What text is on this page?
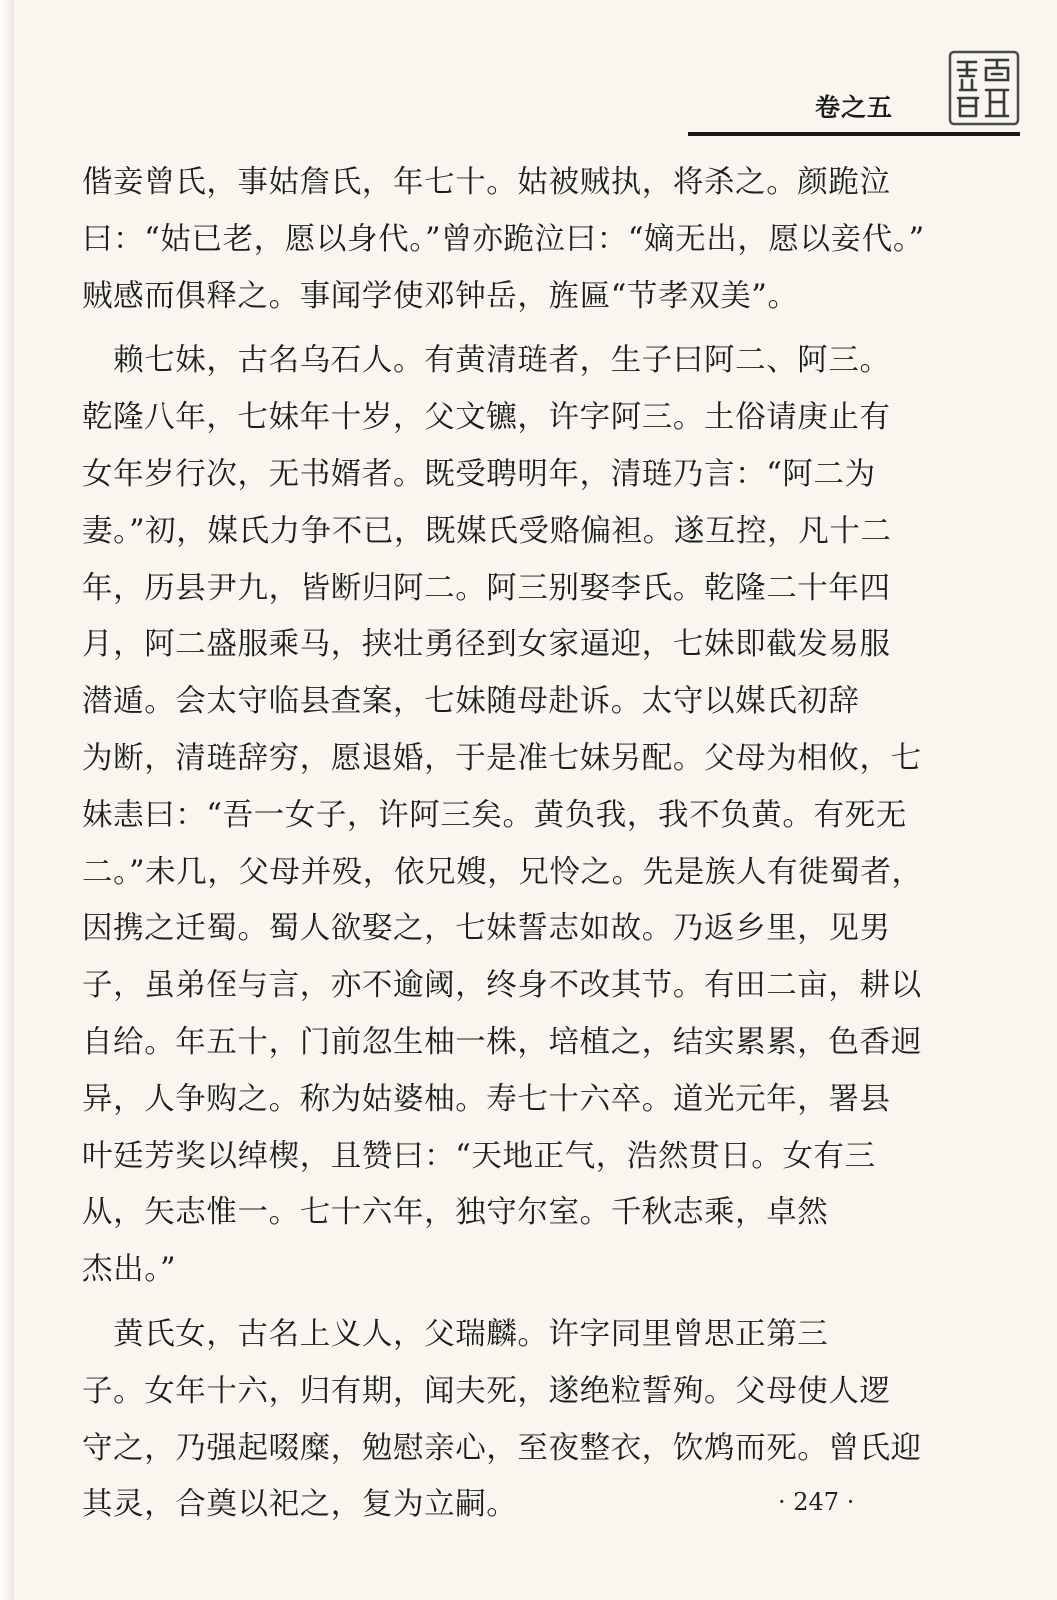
卷之五
偕妾曾氏，事姑詹氏，年七十。姑被贼执，将杀之。颜跪泣
曰：“姑已老，愿以身代。”曾亦跪泣曰：“嫡无出，愿以妾代。”
贼感而俱释之。事闻学使邓钟岳，旌匾“节孝双美”。
　赖七妹，古名乌石人。有黄清琏者，生子曰阿二、阿三。
乾隆八年，七妹年十岁，父文镳，许字阿三。土俗请庚止有
女年岁行次，无书婿者。既受聘明年，清琏乃言：“阿二为
妻。”初，媒氏力争不已，既媒氏受赂偏袒。遂互控，凡十二
年，历县尹九，皆断归阿二。阿三别娶李氏。乾隆二十年四
月，阿二盛服乘马，挟壮勇径到女家逼迎，七妹即截发易服
潜遁。会太守临县查案，七妹随母赴诉。太守以媒氏初辞
为断，清琏辞穷，愿退婚，于是准七妹另配。父母为相攸，七
妹恚曰：“吾一女子，许阿三矣。黄负我，我不负黄。有死无
二。”未几，父母并殁，依兄嫂，兄怜之。先是族人有徙蜀者，
因携之迁蜀。蜀人欲娶之，七妹誓志如故。乃返乡里，见男
子，虽弟侄与言，亦不逾阈，终身不改其节。有田二亩，耕以
自给。年五十，门前忽生柚一株，培植之，结实累累，色香迥
异，人争购之。称为姑婆柚。寿七十六卒。道光元年，署县
叶廷芳奖以绰楔，且赞曰：“天地正气，浩然贯日。女有三
从，矢志惟一。七十六年，独守尔室。千秋志乘，卓然
杰出。”
　黄氏女，古名上义人，父瑞麟。许字同里曾思正第三
子。女年十六，归有期，闻夫死，遂绝粒誓殉。父母使人逻
守之，乃强起啜糜，勉慰亲心，至夜整衣，饮鸩而死。曾氏迎
其灵，合奠以祀之，复为立嗣。	· 247 ·
